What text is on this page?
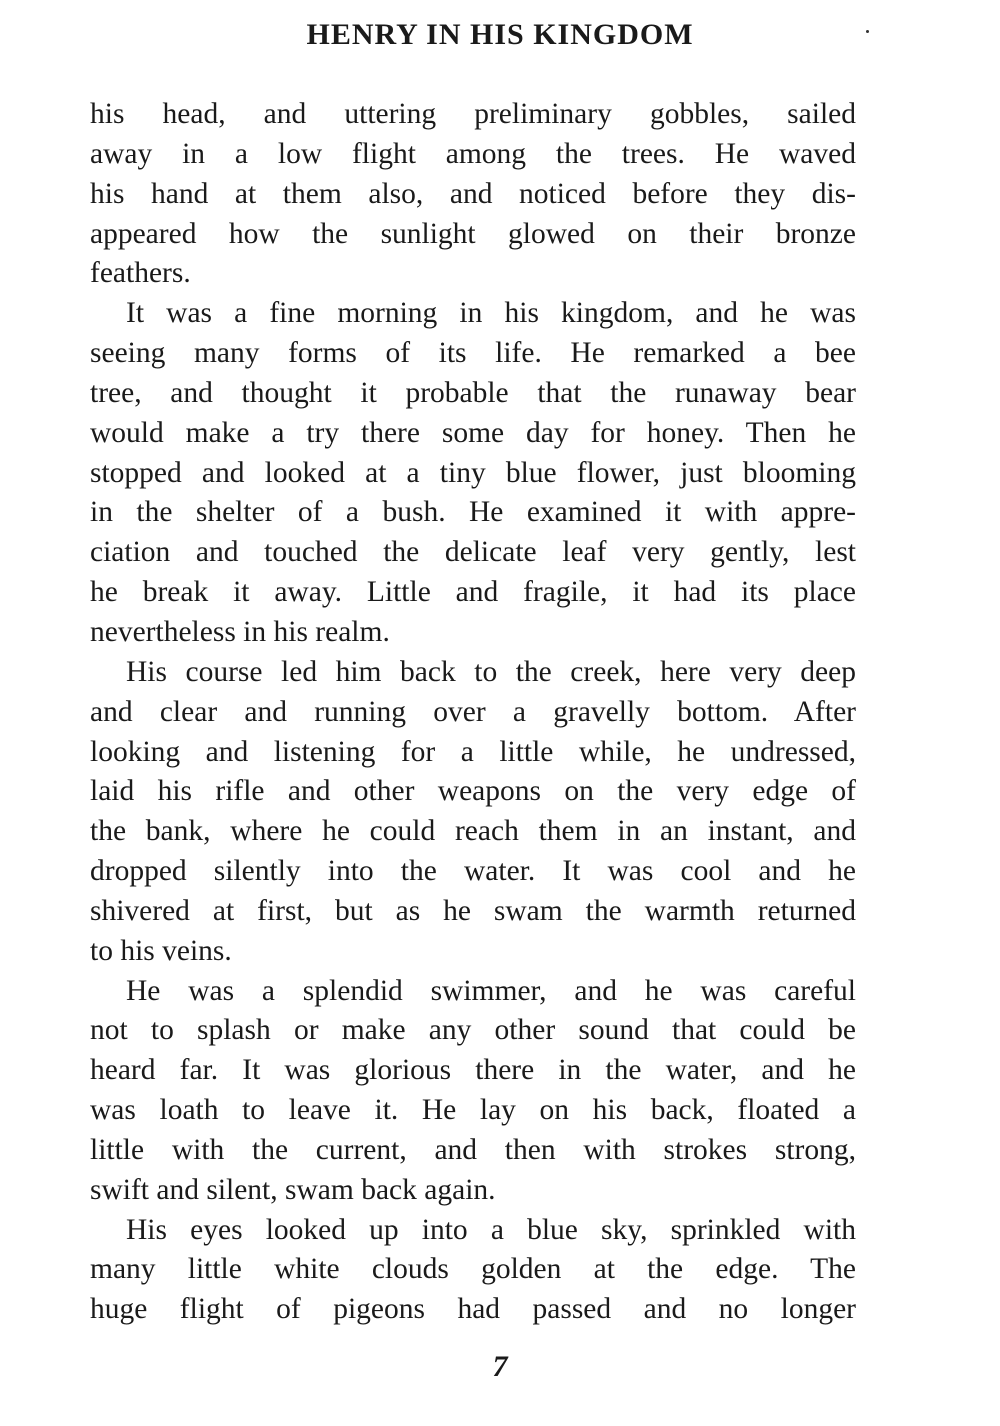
HENRY IN HIS KINGDOM
his head, and uttering preliminary gobbles, sailed
away in a low flight among the trees. He waved
his hand at them also, and noticed before they dis-
appeared how the sunlight glowed on their bronze
feathers.
It was a fine morning in his kingdom, and he was
seeing many forms of its life. He remarked a bee
tree, and thought it probable that the runaway bear
would make a try there some day for honey. Then he
stopped and looked at a tiny blue flower, just blooming
in the shelter of a bush. He examined it with appre-
ciation and touched the delicate leaf very gently, lest
he break it away. Little and fragile, it had its place
nevertheless in his realm.
His course led him back to the creek, here very deep
and clear and running over a gravelly bottom. After
looking and listening for a little while, he undressed,
laid his rifle and other weapons on the very edge of
the bank, where he could reach them in an instant, and
dropped silently into the water. It was cool and he
shivered at first, but as he swam the warmth returned
to his veins.
He was a splendid swimmer, and he was careful
not to splash or make any other sound that could be
heard far. It was glorious there in the water, and he
was loath to leave it. He lay on his back, floated a
little with the current, and then with strokes strong,
swift and silent, swam back again.
His eyes looked up into a blue sky, sprinkled with
many little white clouds golden at the edge. The
huge flight of pigeons had passed and no longer
7
